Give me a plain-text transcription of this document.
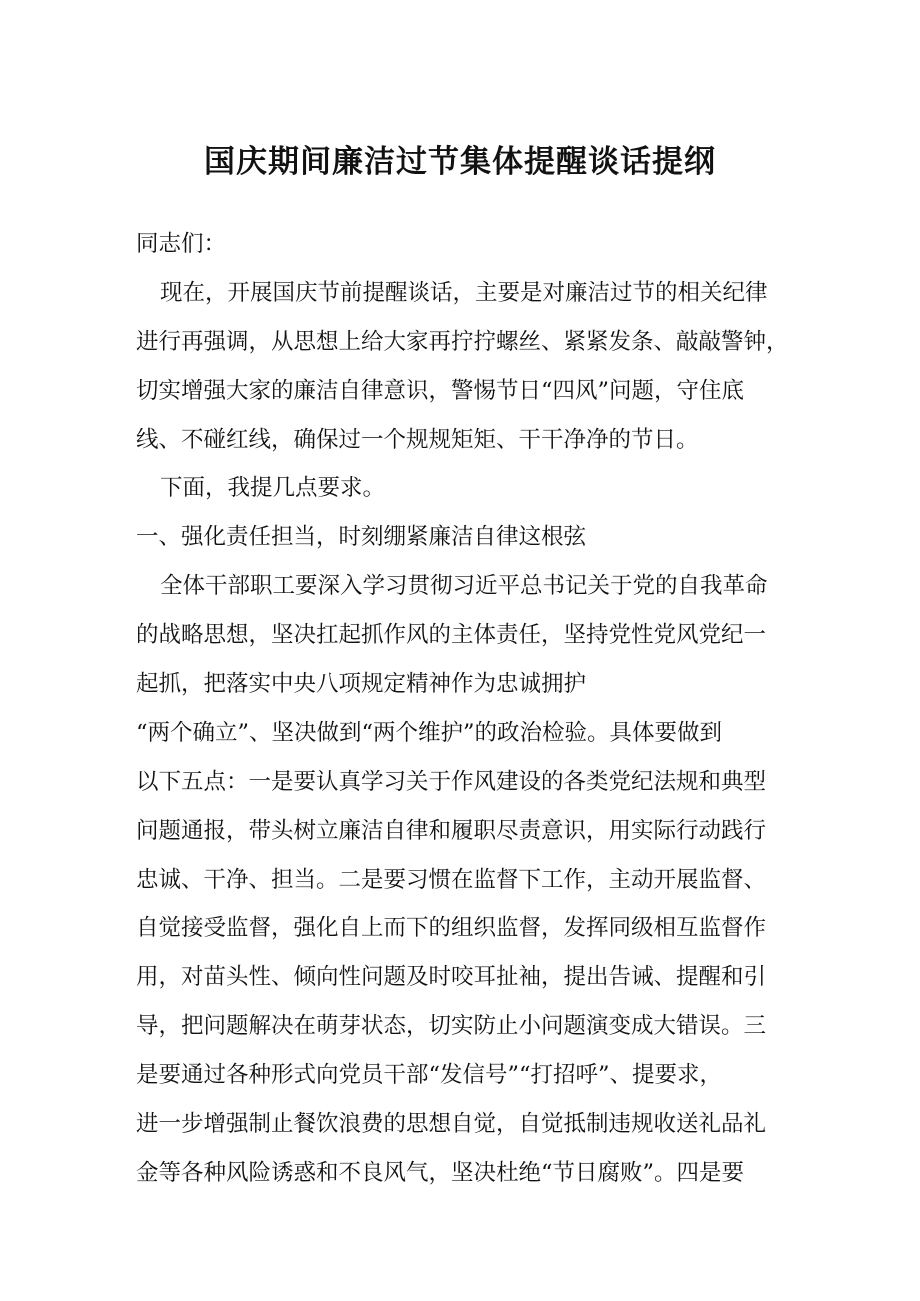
国庆期间廉洁过节集体提醒谈话提纲
同志们：
现在，开展国庆节前提醒谈话，主要是对廉洁过节的相关纪律
进行再强调，从思想上给大家再拧拧螺丝、紧紧发条、敲敲警钟，
切实增强大家的廉洁自律意识，警惕节日“四风”问题，守住底
线、不碰红线，确保过一个规规矩矩、干干净净的节日。
下面，我提几点要求。
一、强化责任担当，时刻绷紧廉洁自律这根弦
全体干部职工要深入学习贯彻习近平总书记关于党的自我革命
的战略思想，坚决扛起抓作风的主体责任，坚持党性党风党纪一
起抓，把落实中央八项规定精神作为忠诚拥护
“两个确立”、坚决做到“两个维护”的政治检验。具体要做到
以下五点：一是要认真学习关于作风建设的各类党纪法规和典型
问题通报，带头树立廉洁自律和履职尽责意识，用实际行动践行
忠诚、干净、担当。二是要习惯在监督下工作，主动开展监督、
自觉接受监督，强化自上而下的组织监督，发挥同级相互监督作
用，对苗头性、倾向性问题及时咬耳扯袖，提出告诫、提醒和引
导，把问题解决在萌芽状态，切实防止小问题演变成大错误。三
是要通过各种形式向党员干部“发信号”“打招呼”、提要求，
进一步增强制止餐饮浪费的思想自觉，自觉抵制违规收送礼品礼
金等各种风险诱惑和不良风气，坚决杜绝“节日腐败”。四是要
